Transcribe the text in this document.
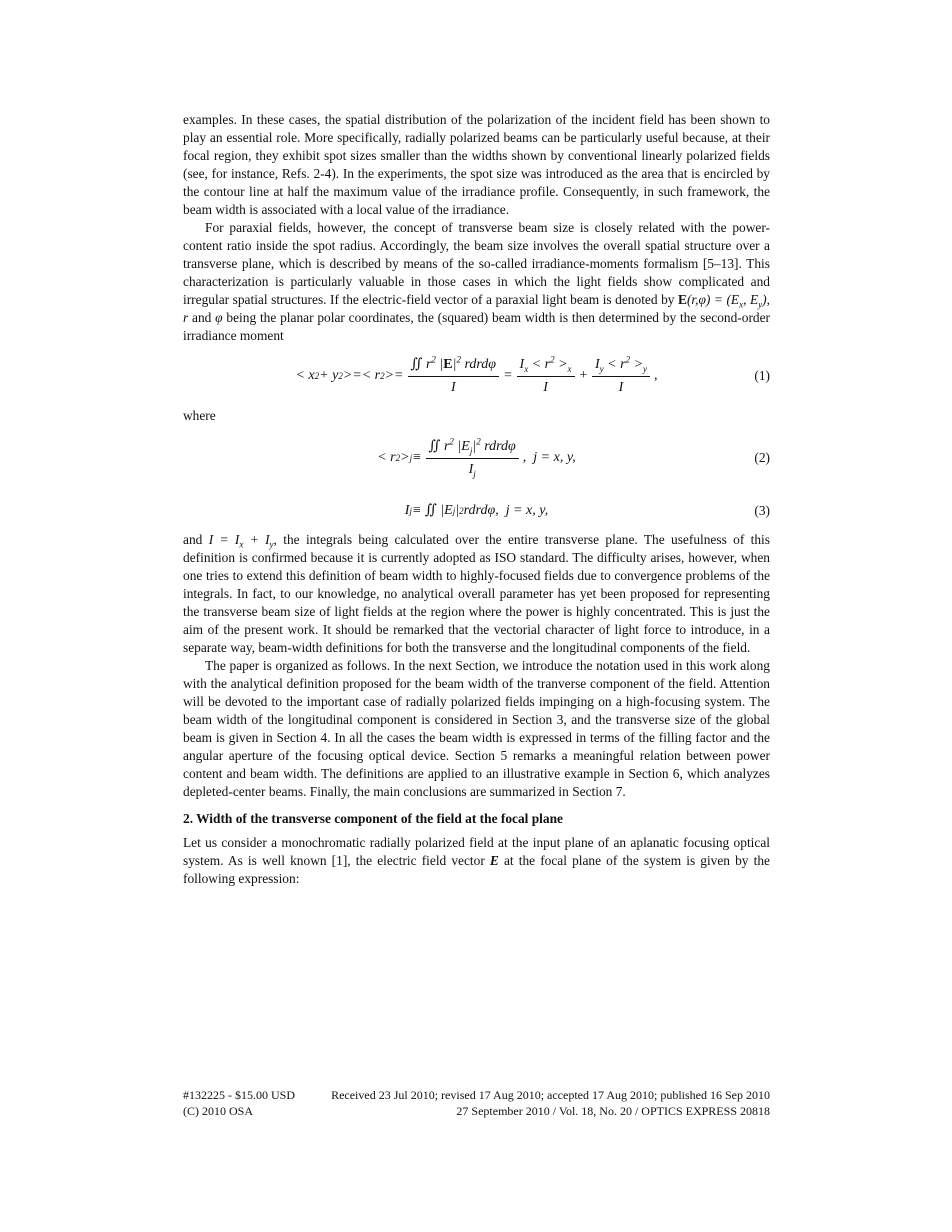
examples. In these cases, the spatial distribution of the polarization of the incident field has been shown to play an essential role. More specifically, radially polarized beams can be particularly useful because, at their focal region, they exhibit spot sizes smaller than the widths shown by conventional linearly polarized fields (see, for instance, Refs. 2-4). In the experiments, the spot size was introduced as the area that is encircled by the contour line at half the maximum value of the irradiance profile. Consequently, in such framework, the beam width is associated with a local value of the irradiance.

For paraxial fields, however, the concept of transverse beam size is closely related with the power-content ratio inside the spot radius. Accordingly, the beam size involves the overall spatial structure over a transverse plane, which is described by means of the so-called irradiance-moments formalism [5–13]. This characterization is particularly valuable in those cases in which the light fields show complicated and irregular spatial structures. If the electric-field vector of a paraxial light beam is denoted by $E(r,\varphi) = (E_x$, $E_y$), r and φ being the planar polar coordinates, the (squared) beam width is then determined by the second-order irradiance moment

< x 2 + y 2 >=< r $2 >= \frac{∬ r^2 |E|^2 rdrd\varphi}{I} = \frac{I_x < r^2 >_x}{I} + \frac{I_y < r^2 >_y}{I}$ ,	(1)

where

< r $2 > j \equiv \frac{∬ r^2 |E_j|^2 rdrd\varphi}{I_j}$ ,  j = x, y,	(2)
I j ≡ ∬ |E j | 2 rdrdφ,  j = x, y,	(3)

and $I = I_x + I_y$, the integrals being calculated over the entire transverse plane. The usefulness of this definition is confirmed because it is currently adopted as ISO standard. The difficulty arises, however, when one tries to extend this definition of beam width to highly-focused fields due to convergence problems of the integrals. In fact, to our knowledge, no analytical overall parameter has yet been proposed for representing the transverse beam size of light fields at the region where the power is highly concentrated. This is just the aim of the present work. It should be remarked that the vectorial character of light force to introduce, in a separate way, beam-width definitions for both the transverse and the longitudinal components of the field.

The paper is organized as follows. In the next Section, we introduce the notation used in this work along with the analytical definition proposed for the beam width of the tranverse component of the field. Attention will be devoted to the important case of radially polarized fields impinging on a high-focusing system. The beam width of the longitudinal component is considered in Section 3, and the transverse size of the global beam is given in Section 4. In all the cases the beam width is expressed in terms of the filling factor and the angular aperture of the focusing optical device. Section 5 remarks a meaningful relation between power content and beam width. The definitions are applied to an illustrative example in Section 6, which analyzes depleted-center beams. Finally, the main conclusions are summarized in Section 7.

2. Width of the transverse component of the field at the focal plane

Let us consider a monochromatic radially polarized field at the input plane of an aplanatic focusing optical system. As is well known [1], the electric field vector E at the focal plane of the system is given by the following expression:

#132225 - $15.00 USD	Received 23 Jul 2010; revised 17 Aug 2010; accepted 17 Aug 2010; published 16 Sep 2010
(C) 2010 OSA	27 September 2010 / Vol. 18, No. 20 / OPTICS EXPRESS 20818
